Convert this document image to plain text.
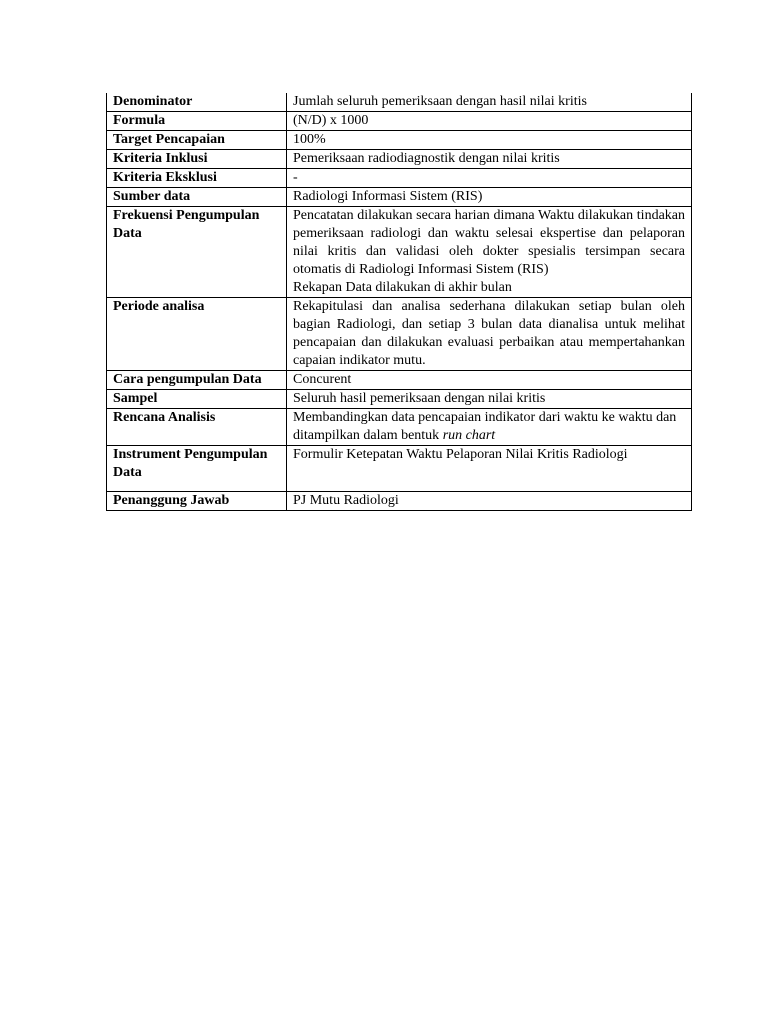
Denominator	Jumlah seluruh pemeriksaan dengan hasil nilai kritis
Formula	(N/D) x 1000
Target Pencapaian	100%
Kriteria Inklusi	Pemeriksaan radiodiagnostik dengan nilai kritis
Kriteria Eksklusi	-
Sumber data	Radiologi Informasi Sistem (RIS)
Frekuensi Pengumpulan Data	Pencatatan dilakukan secara harian dimana Waktu dilakukan tindakan pemeriksaan radiologi dan waktu selesai ekspertise dan pelaporan nilai kritis dan validasi oleh dokter spesialis tersimpan secara otomatis di Radiologi Informasi Sistem (RIS)
Rekapan Data dilakukan di akhir bulan

Periode analisa	Rekapitulasi dan analisa sederhana dilakukan setiap bulan oleh bagian Radiologi, dan setiap 3 bulan data dianalisa untuk melihat pencapaian dan dilakukan evaluasi perbaikan atau mempertahankan capaian indikator mutu.
Cara pengumpulan Data	Concurent
Sampel	Seluruh hasil pemeriksaan dengan nilai kritis
Rencana Analisis	Membandingkan data pencapaian indikator dari waktu ke waktu dan ditampilkan dalam bentuk run chart
Instrument Pengumpulan Data	Formulir Ketepatan Waktu Pelaporan Nilai Kritis Radiologi
Penanggung Jawab	PJ Mutu Radiologi
